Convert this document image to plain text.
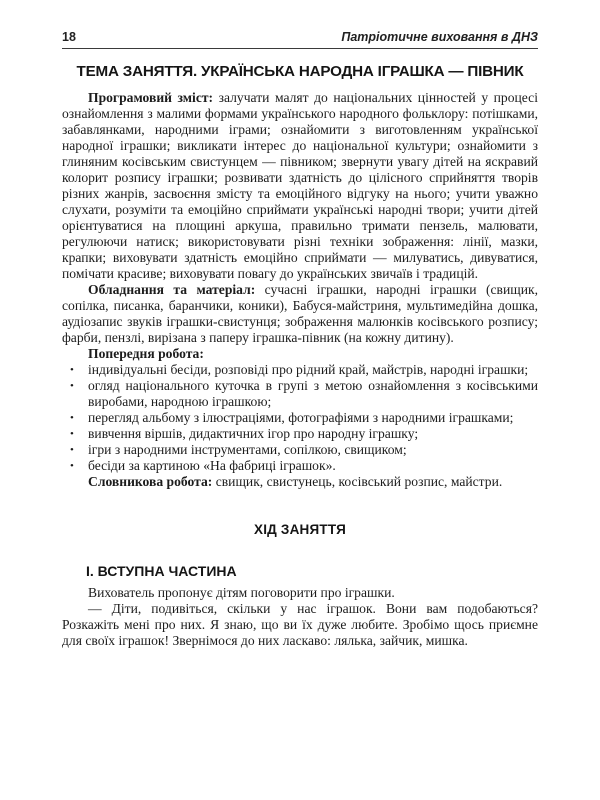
18	Патріотичне виховання в ДНЗ
ТЕМА ЗАНЯТТЯ. УКРАЇНСЬКА НАРОДНА ІГРАШКА — ПІВНИК

Програмовий зміст: залучати малят до національних цінностей у процесі ознайомлення з малими формами українського народного фольклору: потішками, забавлянками, народними іграми; ознайомити з виготовленням української народної іграшки; викликати інтерес до національної культури; ознайомити з глиняним косівським свистунцем — півником; звернути увагу дітей на яскравий колорит розпису іграшки; розвивати здатність до цілісного сприйняття творів різних жанрів, засвоєння змісту та емоційного відгуку на нього; учити уважно слухати, розуміти та емоційно сприймати українські народні твори; учити дітей орієнтуватися на площині аркуша, правильно тримати пензель, малювати, регулюючи натиск; використовувати різні техніки зображення: лінії, мазки, крапки; виховувати здатність емоційно сприймати — милуватись, дивуватися, помічати красиве; виховувати повагу до українських звичаїв і традицій.

Обладнання та матеріал: сучасні іграшки, народні іграшки (свищик, сопілка, писанка, баранчики, коники), Бабуся-майстриня, мультимедійна дошка, аудіозапис звуків іграшки-свистунця; зображення малюнків косівського розпису; фарби, пензлі, вирізана з паперу іграшка-півник (на кожну дитину).

Попередня робота:

• індивідуальні бесіди, розповіді про рідний край, майстрів, народні іграшки;
• огляд національного куточка в групі з метою ознайомлення з косівськими виробами, народною іграшкою;
• перегляд альбому з ілюстраціями, фотографіями з народними іграшками;
• вивчення віршів, дидактичних ігор про народну іграшку;
• ігри з народними інструментами, сопілкою, свищиком;
• бесіди за картиною «На фабриці іграшок».

Словникова робота: свищик, свистунець, косівський розпис, майстри.

ХІД ЗАНЯТТЯ
І. ВСТУПНА ЧАСТИНА

Вихователь пропонує дітям поговорити про іграшки.

— Діти, подивіться, скільки у нас іграшок. Вони вам подобаються? Розкажіть мені про них. Я знаю, що ви їх дуже любите. Зробімо щось приємне для своїх іграшок! Звернімося до них ласкаво: лялька, зайчик, мишка.
